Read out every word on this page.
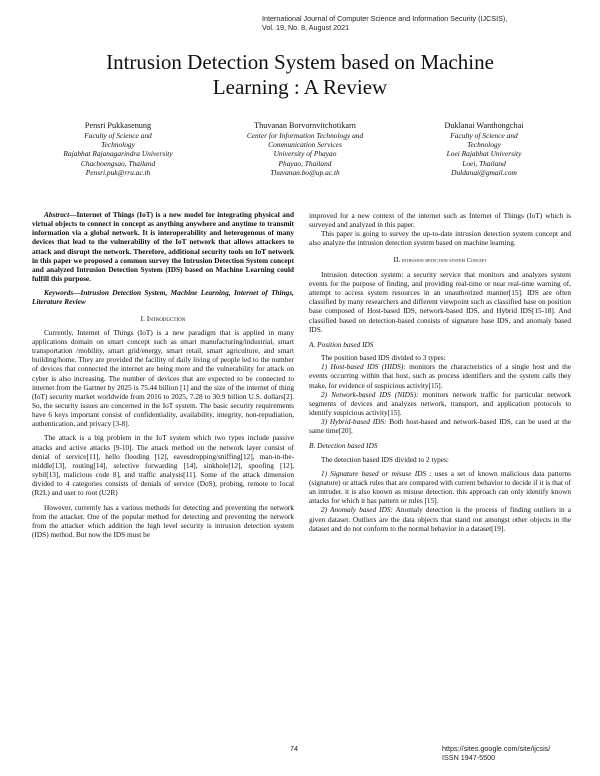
International Journal of Computer Science and Information Security (IJCSIS),
Vol. 19, No. 8, August 2021
Intrusion Detection System based on Machine
Learning : A Review
Pensri Pukkasenung
Faculty of Science and
Technology
Rajabhat Rajanagarindra University
Chachoengsao, Thailand
Pensri.puk@rru.ac.th
Thuvanan Borvornvitchotikarn
Center for Information Technology and
Communication Services
University of Phayao
Phayao, Thailand
Thuvanan.bo@up.ac.th
Duklanai Wanthongchai
Faculty of Science and
Technology
Loei Rajabhat University
Loei, Thailand
Duldanai@gmail.com

Abstract—Internet of Things (IoT) is a new model for integrating physical and virtual objects to connect in concept as anything anywhere and anytime to transmit information via a global network. It is interoperability and heterogenous of many devices that lead to the vulnerability of the IoT network that allows attackers to attack and disrupt the network. Therefore, additional security tools on IoT network in this paper we proposed a common survey the Intrusion Detection System concept and analyzed Intrusion Detection System (IDS) based on Machine Learning could fulfill this purpose.

Keywords—Intrusion Detection System, Machine Learning, Internet of Things, Literature Review

I. Introduction

Currently, Internet of Things (IoT) is a new paradigm that is applied in many applications domain on smart concept such as smart manufacturing/industrial, smart transportation /mobility, smart grid/energy, smart retail, smart agriculture, and smart building/home. They are provided the facility of daily living of people led to the number of devices that connected the internet are being more and the vulnerability for attack on cyber is also increasing. The number of devices that are expected to be connected to internet from the Gartner by 2025 is 75.44 billion [1] and the size of the internet of thing (IoT) security market worldwide from 2016 to 2025, 7.28 to 30.9 billion U.S. dollars[2]. So, the security issues are concerned in the IoT system. The basic security requirements have 6 keys important consist of confidentiality, availability, integrity, non-repudiation, authentication, and privacy [3-8].

The attack is a big problem in the IoT system which two types include passive attacks and active attacks [9-10]. The attack method on the network layer consist of denial of service[11], hello flooding [12], eavesdropping/sniffing[12], man-in-the-middle[13], routing[14], selective forwarding [14], sinkhole[12], spoofing [12], sybil[13], malicious code 8], and traffic analysis[11]. Some of the attack dimension divided to 4 categories consists of denials of service (DoS), probing, remote to local (R2L) and user to root (U2R)

However, currently has a various methods for detecting and preventing the network from the attacker. One of the popular method for detecting and preventing the network from the attacker which addition the high level security is intrusion detection system (IDS) method. But now the IDS must be

improved for a new context of the internet such as Internet of Things (IoT) which is surveyed and analyzed in this paper.

This paper is going to survey the up-to-date intrusion detection system concept and also analyze the intrusion detection system based on machine learning.

II. intrusion detection system Concept

Intrusion detection system: a security service that monitors and analyzes system events for the purpose of finding, and providing real-time or near real-time warning of, attempt to access system resources in an unauthorized manner[15]. IDS are often classified by many researchers and different viewpoint such as classified base on position base composed of Host-based IDS, network-based IDS, and Hybrid IDS[15-18]. And classified based on detection-based consists of signature base IDS, and anomaly based IDS.

A. Position based IDS

The position based IDS divided to 3 types:

1) Host-based IDS (HIDS): monitors the characteristics of a single host and the events occurring within that host, such as process identifiers and the system calls they make, for evidence of suspicious activity[15].

2) Network-based IDS (NIDS): monitors network traffic for particular network segments of devices and analyzes network, transport, and application protocols to identify suspicious activity[15].

3) Hybrid-based IDS: Both host-based and network-based IDS, can be used at the same time[20].

B. Detection based IDS

The detection based IDS divided to 2 types:

1) Signature based or misuse IDS : uses a set of known malicious data patterns (signature) or attack rules that are compared with current behavior to decide if it is that of an intruder. it is also known as misuse detection. this approach can only identify known attacks for which it has pattern or rules [15].

2) Anomaly based IDS: Anomaly detection is the process of finding outliers in a given dataset. Outliers are the data objects that stand out amongst other objects in the dataset and do not conform to the normal behavior in a dataset[19].

74	https://sites.google.com/site/ijcsis/
ISSN 1947-5500
